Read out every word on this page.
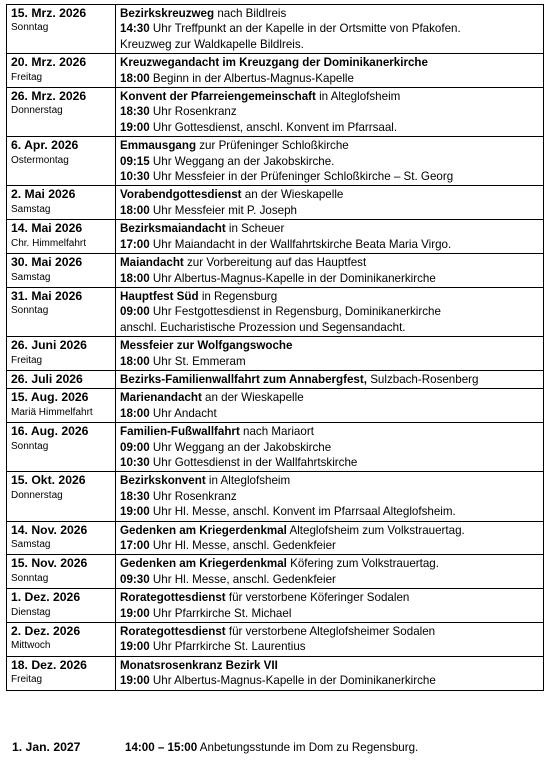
15. Mrz. 2026
Sonntag	Bezirkskreuzweg nach Bildlreis
14:30 Uhr Treffpunkt an der Kapelle in der Ortsmitte von Pfakofen.
Kreuzweg zur Waldkapelle Bildlreis.

20. Mrz. 2026
Freitag	Kreuzwegandacht im Kreuzgang der Dominikanerkirche
18:00 Beginn in der Albertus-Magnus-Kapelle

26. Mrz. 2026
Donnerstag	Konvent der Pfarreiengemeinschaft in Alteglofsheim
18:30 Uhr Rosenkranz
19:00 Uhr Gottesdienst, anschl. Konvent im Pfarrsaal.

6. Apr. 2026
Ostermontag	Emmausgang zur Prüfeninger Schloßkirche
09:15 Uhr Weggang an der Jakobskirche.
10:30 Uhr Messfeier in der Prüfeninger Schloßkirche – St. Georg

2. Mai 2026
Samstag	Vorabendgottesdienst an der Wieskapelle
18:00 Uhr Messfeier mit P. Joseph

14. Mai 2026
Chr. Himmelfahrt	Bezirksmaiandacht in Scheuer
17:00 Uhr Maiandacht in der Wallfahrtskirche Beata Maria Virgo.

30. Mai 2026
Samstag	Maiandacht zur Vorbereitung auf das Hauptfest
18:00 Uhr Albertus-Magnus-Kapelle in der Dominikanerkirche

31. Mai 2026
Sonntag	Hauptfest Süd in Regensburg
09:00 Uhr Festgottesdienst in Regensburg, Dominikanerkirche
anschl. Eucharistische Prozession und Segensandacht.

26. Juni 2026
Freitag	Messfeier zur Wolfgangswoche
18:00 Uhr St. Emmeram

26. Juli 2026	Bezirks-Familienwallfahrt zum Annabergfest, Sulzbach-Rosenberg

15. Aug. 2026
Mariä Himmelfahrt	Marienandacht an der Wieskapelle
18:00 Uhr Andacht

16. Aug. 2026
Sonntag	Familien-Fußwallfahrt nach Mariaort
09:00 Uhr Weggang an der Jakobskirche
10:30 Uhr Gottesdienst in der Wallfahrtskirche

15. Okt. 2026
Donnerstag	Bezirkskonvent in Alteglofsheim
18:30 Uhr Rosenkranz
19:00 Uhr Hl. Messe, anschl. Konvent im Pfarrsaal Alteglofsheim.

14. Nov. 2026
Samstag	Gedenken am Kriegerdenkmal Alteglofsheim zum Volkstrauertag.
17:00 Uhr Hl. Messe, anschl. Gedenkfeier

15. Nov. 2026
Sonntag	Gedenken am Kriegerdenkmal Köfering zum Volkstrauertag.
09:30 Uhr Hl. Messe, anschl. Gedenkfeier

1. Dez. 2026
Dienstag	Rorategottesdienst für verstorbene Köferinger Sodalen
19:00 Uhr Pfarrkirche St. Michael

2. Dez. 2026
Mittwoch	Rorategottesdienst für verstorbene Alteglofsheimer Sodalen
19:00 Uhr Pfarrkirche St. Laurentius

18. Dez. 2026
Freitag	Monatsrosenkranz Bezirk VII
19:00 Uhr Albertus-Magnus-Kapelle in der Dominikanerkirche
1. Jan. 2027	14:00 – 15:00 Anbetungsstunde im Dom zu Regensburg.
